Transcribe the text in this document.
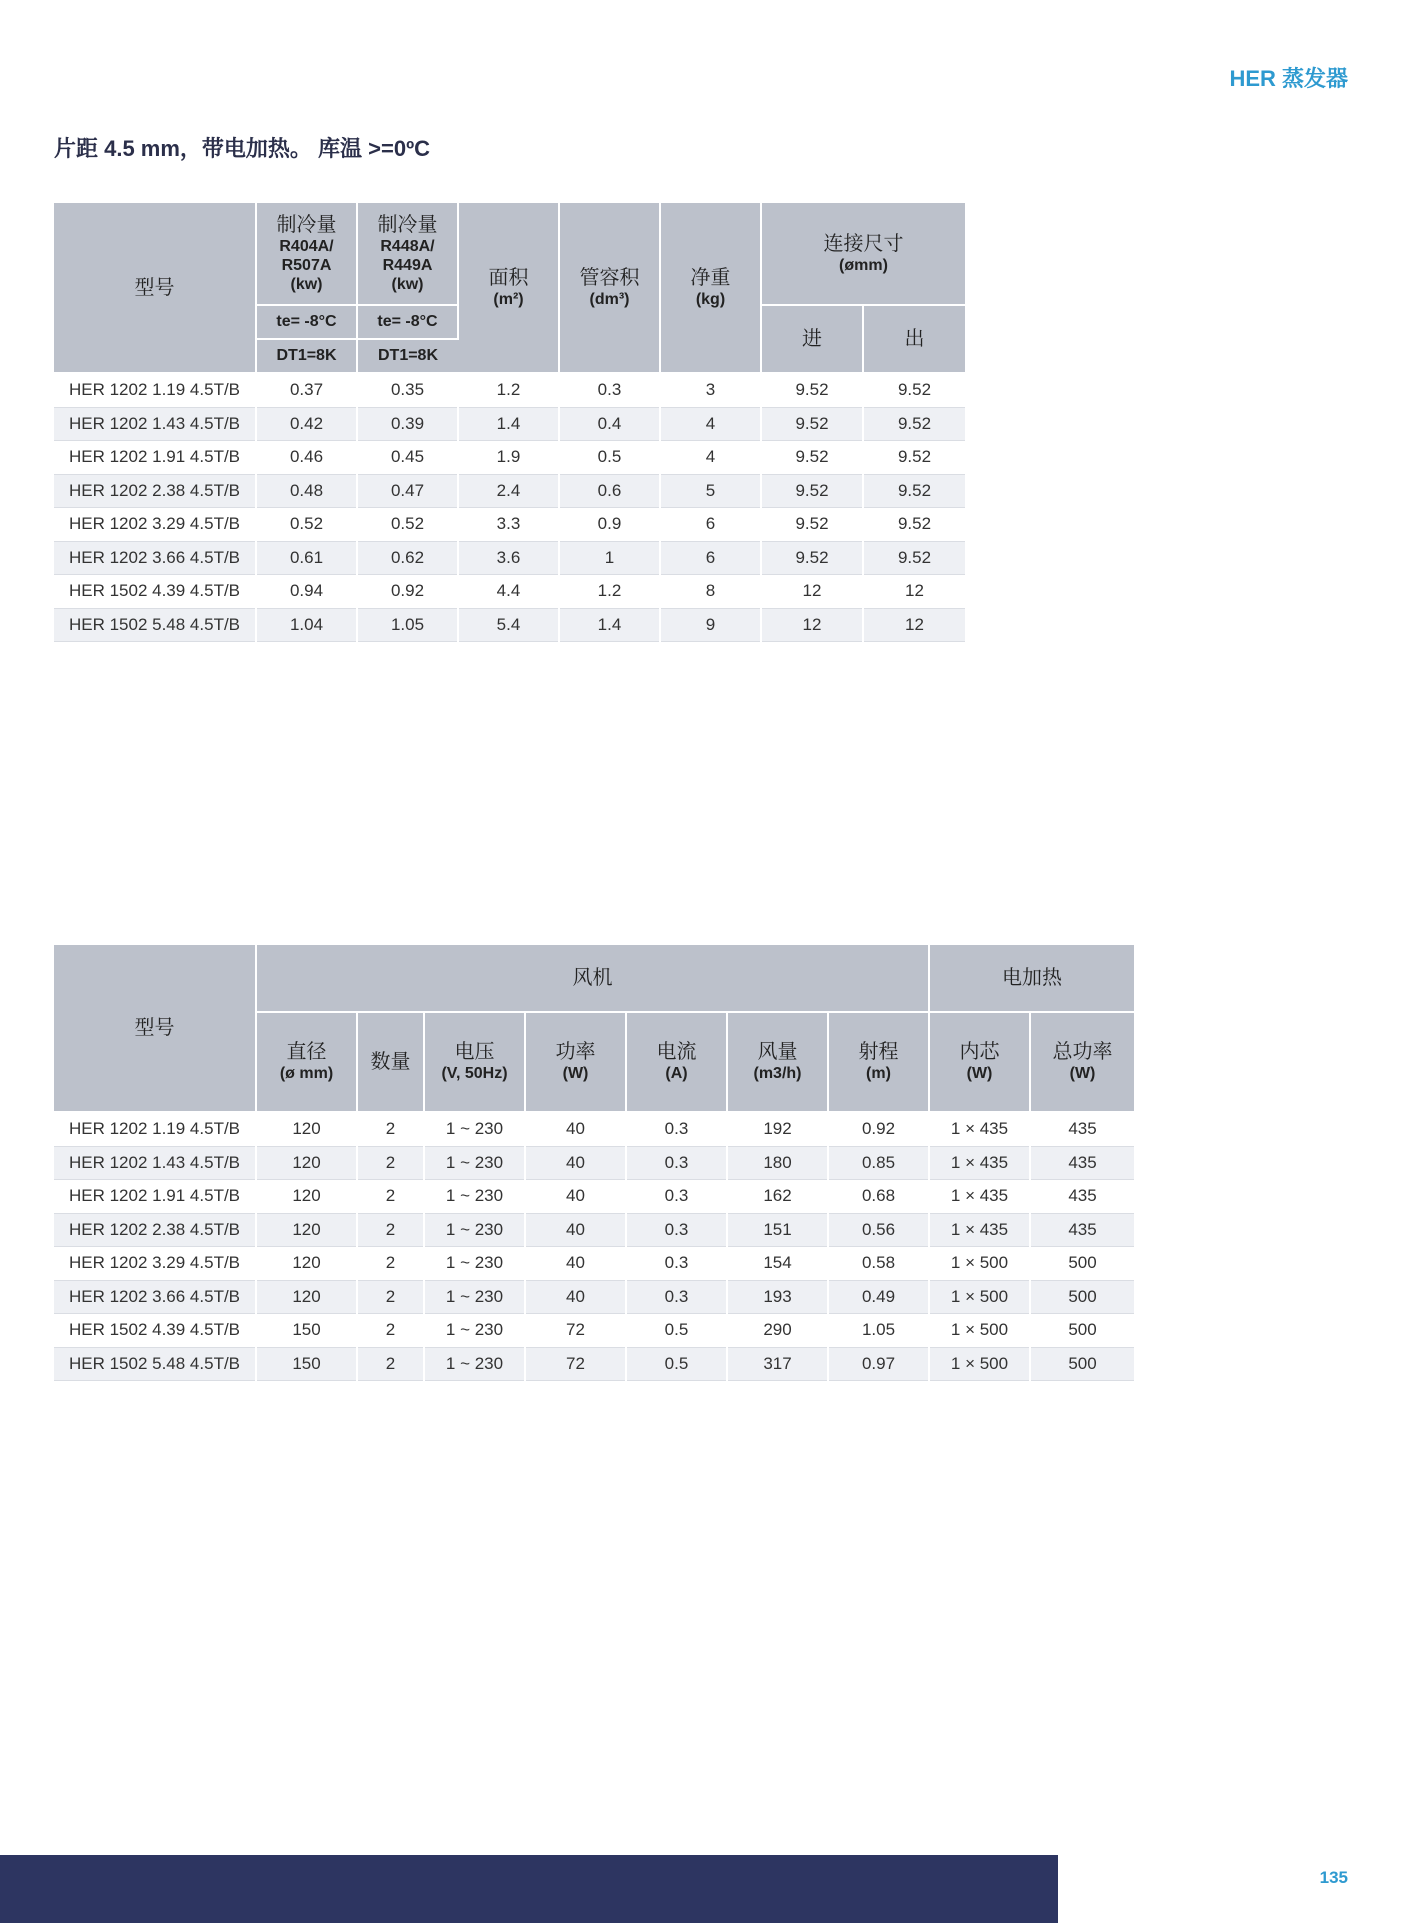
HER 蒸发器
片距 4.5 mm，带电加热。 库温 >=0ºC
型号	制冷量
R404A/ R507A
(kw)	制冷量
R448A/ R449A
(kw)	面积
(m²)	管容积
(dm³)	净重
(kg)	连接尺寸
(ømm)	

	te= -8°C	te= -8°C				进	出
	DT1=8K	DT1=8K					
HER 1202 1.19 4.5T/B	0.37	0.35	1.2	0.3	3	9.52	9.52
HER 1202 1.43 4.5T/B	0.42	0.39	1.4	0.4	4	9.52	9.52
HER 1202 1.91 4.5T/B	0.46	0.45	1.9	0.5	4	9.52	9.52
HER 1202 2.38 4.5T/B	0.48	0.47	2.4	0.6	5	9.52	9.52
HER 1202 3.29 4.5T/B	0.52	0.52	3.3	0.9	6	9.52	9.52
HER 1202 3.66 4.5T/B	0.61	0.62	3.6	1	6	9.52	9.52
HER 1502 4.39 4.5T/B	0.94	0.92	4.4	1.2	8	12	12
HER 1502 5.48 4.5T/B	1.04	1.05	5.4	1.4	9	12	12
型号	风机							电加热	
	直径
(ø mm)	数量	电压
(V, 50Hz)	功率
(W)	电流
(A)	风量
(m3/h)	射程
(m)	内芯
(W)	总功率
(W)

HER 1202 1.19 4.5T/B	120	2	1 ~ 230	40	0.3	192	0.92	1 × 435	435
HER 1202 1.43 4.5T/B	120	2	1 ~ 230	40	0.3	180	0.85	1 × 435	435
HER 1202 1.91 4.5T/B	120	2	1 ~ 230	40	0.3	162	0.68	1 × 435	435
HER 1202 2.38 4.5T/B	120	2	1 ~ 230	40	0.3	151	0.56	1 × 435	435
HER 1202 3.29 4.5T/B	120	2	1 ~ 230	40	0.3	154	0.58	1 × 500	500
HER 1202 3.66 4.5T/B	120	2	1 ~ 230	40	0.3	193	0.49	1 × 500	500
HER 1502 4.39 4.5T/B	150	2	1 ~ 230	72	0.5	290	1.05	1 × 500	500
HER 1502 5.48 4.5T/B	150	2	1 ~ 230	72	0.5	317	0.97	1 × 500	500
135
